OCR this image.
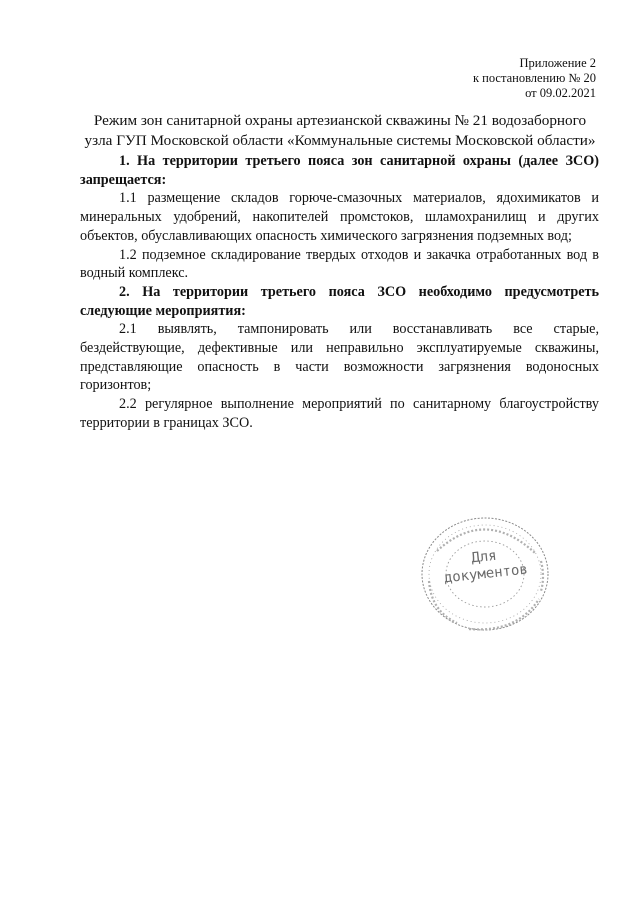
Приложение 2
к постановлению № 20
от 09.02.2021
Режим зон санитарной охраны артезианской скважины № 21 водозаборного
узла ГУП Московской области «Коммунальные системы Московской области»

1. На территории третьего пояса зон санитарной охраны (далее ЗСО) запрещается:

1.1 размещение складов горюче-смазочных материалов, ядохимикатов и минеральных удобрений, накопителей промстоков, шламохранилищ и других объектов, обуславливающих опасность химического загрязнения подземных вод;

1.2 подземное складирование твердых отходов и закачка отработанных вод в водный комплекс.

2. На территории третьего пояса ЗСО необходимо предусмотреть следующие мероприятия:

2.1 выявлять, тампонировать или восстанавливать все старые, бездействующие, дефективные или неправильно эксплуатируемые скважины, представляющие опасность в части возможности загрязнения водоносных горизонтов;

2.2 регулярное выполнение мероприятий по санитарному благоустройству территории в границах ЗСО.

Для
документов
